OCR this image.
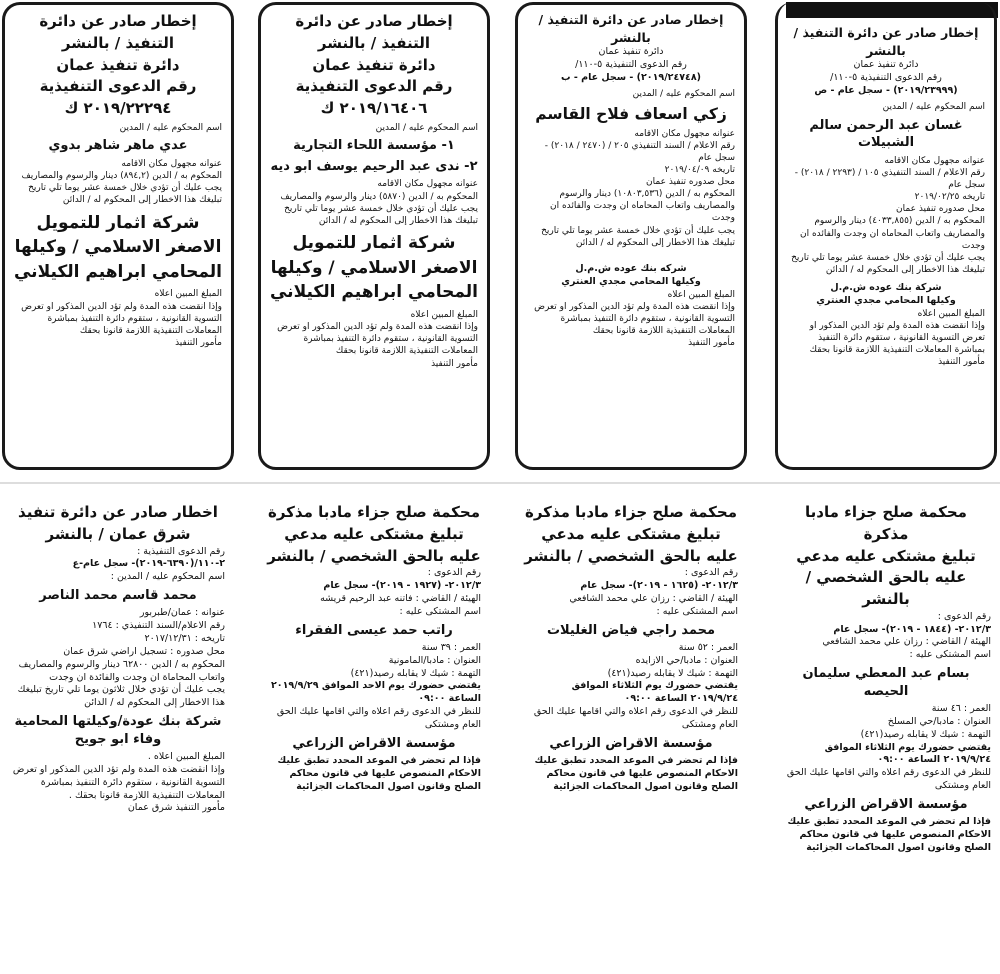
إخطار صادر عن دائرة التنفيذ / بالنشر
دائرة تنفيذ عمان
رقم الدعوى التنفيذية ٥-١١٠/
(٢٠١٩/٢٣٩٩٩) - سجل عام - ص
اسم المحكوم عليه / المدين
غسان عبد الرحمن سالم الشبيلات
عنوانه مجهول مكان الاقامه
رقم الاعلام / السند التنفيذي ١٠٥ / (٢٢٩٣ / ٢٠١٨) - سجل عام
تاريخه ٢٠١٩/٠٢/٢٥
محل صدوره تنفيذ عمان
المحكوم به / الدين (٤٠٣٣,٨٥٥) دينار والرسوم والمصاريف واتعاب المحاماه ان وجدت والفائده ان وجدت
يجب عليك أن تؤدي خلال خمسة عشر يوما تلي تاريخ تبليغك هذا الاخطار إلى المحكوم له / الدائن
شركة بنك عوده ش.م.ل
وكيلها المحامي مجدي العنتري
المبلغ المبين اعلاه
وإذا انقضت هذه المدة ولم تؤد الدين المذكور او تعرض التسوية القانونية ، ستقوم دائرة التنفيذ بمباشرة المعاملات التنفيذية اللازمة قانونا بحقك
مأمور التنفيذ
إخطار صادر عن دائرة التنفيذ / بالنشر
دائرة تنفيذ عمان
رقم الدعوى التنفيذية ٥-١١٠/
(٢٠١٩/٢٤٧٤٨) - سجل عام - ب
اسم المحكوم عليه / المدين
زكي اسعاف فلاح القاسم
عنوانه مجهول مكان الاقامه
رقم الاعلام / السند التنفيذي ٢٠٥ / (٢٤٧٠ / ٢٠١٨) - سجل عام
تاريخه ٢٠١٩/٠٤/٠٩
محل صدوره تنفيذ عمان
المحكوم به / الدين (١٠٨٠٣,٥٣٦) دينار والرسوم والمصاريف واتعاب المحاماه ان وجدت والفائده ان وجدت
يجب عليك أن تؤدي خلال خمسة عشر يوما تلي تاريخ تبليغك هذا الاخطار إلى المحكوم له / الدائن
شركه بنك عوده ش.م.ل
وكيلها المحامي مجدي العنتري
المبلغ المبين اعلاه
وإذا انقضت هذه المدة ولم تؤد الدين المذكور او تعرض التسوية القانونية ، ستقوم دائرة التنفيذ بمباشرة المعاملات التنفيذية اللازمة قانونا بحقك
مأمور التنفيذ
إخطار صادر عن دائرة التنفيذ / بالنشر
دائرة تنفيذ عمان
رقم الدعوى التنفيذية
٢٠١٩/١٦٤٠٦ ك
اسم المحكوم عليه / المدين
١- مؤسسة اللحاء التجارية
٢- ندى عبد الرحيم يوسف ابو ديه
عنوانه مجهول مكان الاقامه
المحكوم به / الدين (٥٨٧٠) دينار والرسوم والمصاريف
يجب عليك أن تؤدي خلال خمسة عشر يوما تلي تاريخ تبليغك هذا الاخطار إلى المحكوم له / الدائن
شركة اثمار للتمويل الاصغر الاسلامي / وكيلها المحامي ابراهيم الكيلاني
المبلغ المبين اعلاه
وإذا انقضت هذه المدة ولم تؤد الدين المذكور او تعرض التسوية القانونية ، ستقوم دائرة التنفيذ بمباشرة المعاملات التنفيذية اللازمة قانونا بحقك
مأمور التنفيذ
إخطار صادر عن دائرة التنفيذ / بالنشر
دائرة تنفيذ عمان
رقم الدعوى التنفيذية
٢٠١٩/٢٢٢٩٤ ك
اسم المحكوم عليه / المدين
عدي ماهر شاهر بدوي
عنوانه مجهول مكان الاقامه
المحكوم به / الدين (٨٩٤,٢) دينار والرسوم والمصاريف
يجب عليك أن تؤدي خلال خمسة عشر يوما تلي تاريخ تبليغك هذا الاخطار إلى المحكوم له / الدائن
شركة اثمار للتمويل الاصغر الاسلامي / وكيلها المحامي ابراهيم الكيلاني
المبلغ المبين اعلاه
وإذا انقضت هذه المدة ولم تؤد الدين المذكور او تعرض التسوية القانونية ، ستقوم دائرة التنفيذ بمباشرة المعاملات التنفيذية اللازمة قانونا بحقك
مأمور التنفيذ
محكمة صلح جزاء مادبا مذكرة
تبليغ مشتكى عليه مدعي عليه بالحق الشخصي / بالنشر
رقم الدعوى :
٢٠١٢/٣- (١٨٤٤ - ٢٠١٩)- سجل عام
الهيئة / القاضي : رزان علي محمد الشافعي
اسم المشتكى عليه :
بسام عبد المعطي سليمان الحيصه
العمر : ٤٦ سنة
العنوان : مادبا/حي المسلخ
التهمة : شيك لا يقابله رصيد(٤٢١)
يقتضي حضورك يوم الثلاثاء الموافق ٢٠١٩/٩/٢٤ الساعة ٠٩:٠٠
للنظر في الدعوى رقم اعلاه والتي اقامها عليك الحق العام ومشتكى
مؤسسة الاقراض الزراعي
فإذا لم تحضر في الموعد المحدد تطبق عليك الاحكام المنصوص عليها في قانون محاكم الصلح وقانون اصول المحاكمات الجزائية
محكمة صلح جزاء مادبا مذكرة
تبليغ مشتكى عليه مدعي عليه بالحق الشخصي / بالنشر
رقم الدعوى :
٢٠١٢/٣- (١٦٢٥ - ٢٠١٩)- سجل عام
الهيئة / القاضي : رزان علي محمد الشافعي
اسم المشتكى عليه :
محمد راجي فياض الغليلات
العمر : ٥٢ سنة
العنوان : مادبا/حي الازايده
التهمة : شيك لا يقابله رصيد(٤٢١)
يقتضي حضورك يوم الثلاثاء الموافق ٢٠١٩/٩/٢٤ الساعة ٠٩:٠٠
للنظر في الدعوى رقم اعلاه والتي اقامها عليك الحق العام ومشتكى
مؤسسة الاقراض الزراعي
فإذا لم تحضر في الموعد المحدد تطبق عليك الاحكام المنصوص عليها في قانون محاكم الصلح وقانون اصول المحاكمات الجزائية
محكمة صلح جزاء مادبا مذكرة
تبليغ مشتكى عليه مدعي عليه بالحق الشخصي / بالنشر
رقم الدعوى :
٢٠١٢/٣- (١٩٢٧ - ٢٠١٩)- سجل عام
الهيئة / القاضي : فاتنه عبد الرحيم قريشه
اسم المشتكى عليه :
راتب حمد عيسى الفقراء
العمر : ٣٩ سنة
العنوان : مادبا/المامونية
التهمة : شيك لا يقابله رصيد(٤٢١)
يقتضي حضورك يوم الاحد الموافق ٢٠١٩/٩/٢٩ الساعة ٠٩:٠٠
للنظر في الدعوى رقم اعلاه والتي اقامها عليك الحق العام ومشتكى
مؤسسة الاقراض الزراعي
فإذا لم تحضر في الموعد المحدد تطبق عليك الاحكام المنصوص عليها في قانون محاكم الصلح وقانون اصول المحاكمات الجزائية
اخطار صادر عن دائرة تنفيذ شرق عمان / بالنشر
رقم الدعوى التنفيذية :
٢-١١٠/(٦٣٩٠-٢٠١٩)- سجل عام-ع
اسم المحكوم عليه / المدين :
محمد قاسم محمد الناصر
عنوانه : عمان/طبربور
رقم الاعلام/السند التنفيذي : ١٧٦٤
تاريخه : ٢٠١٧/١٢/٣١
محل صدوره : تسجيل اراضي شرق عمان
المحكوم به / الدين ٦٢٨٠٠ دينار والرسوم والمصاريف واتعاب المحاماة ان وجدت والفائدة ان وجدت
يجب عليك أن تؤدي خلال ثلاثون يوما تلي تاريخ تبليغك هذا الاخطار إلى المحكوم له / الدائن
شركة بنك عودة/وكيلتها المحامية وفاء ابو جويح
المبلغ المبين اعلاه .
وإذا انقضت هذه المدة ولم تؤد الدين المذكور او تعرض التسوية القانونية ، ستقوم دائرة التنفيذ بمباشرة المعاملات التنفيذية اللازمة قانونا بحقك .
مأمور التنفيذ شرق عمان
